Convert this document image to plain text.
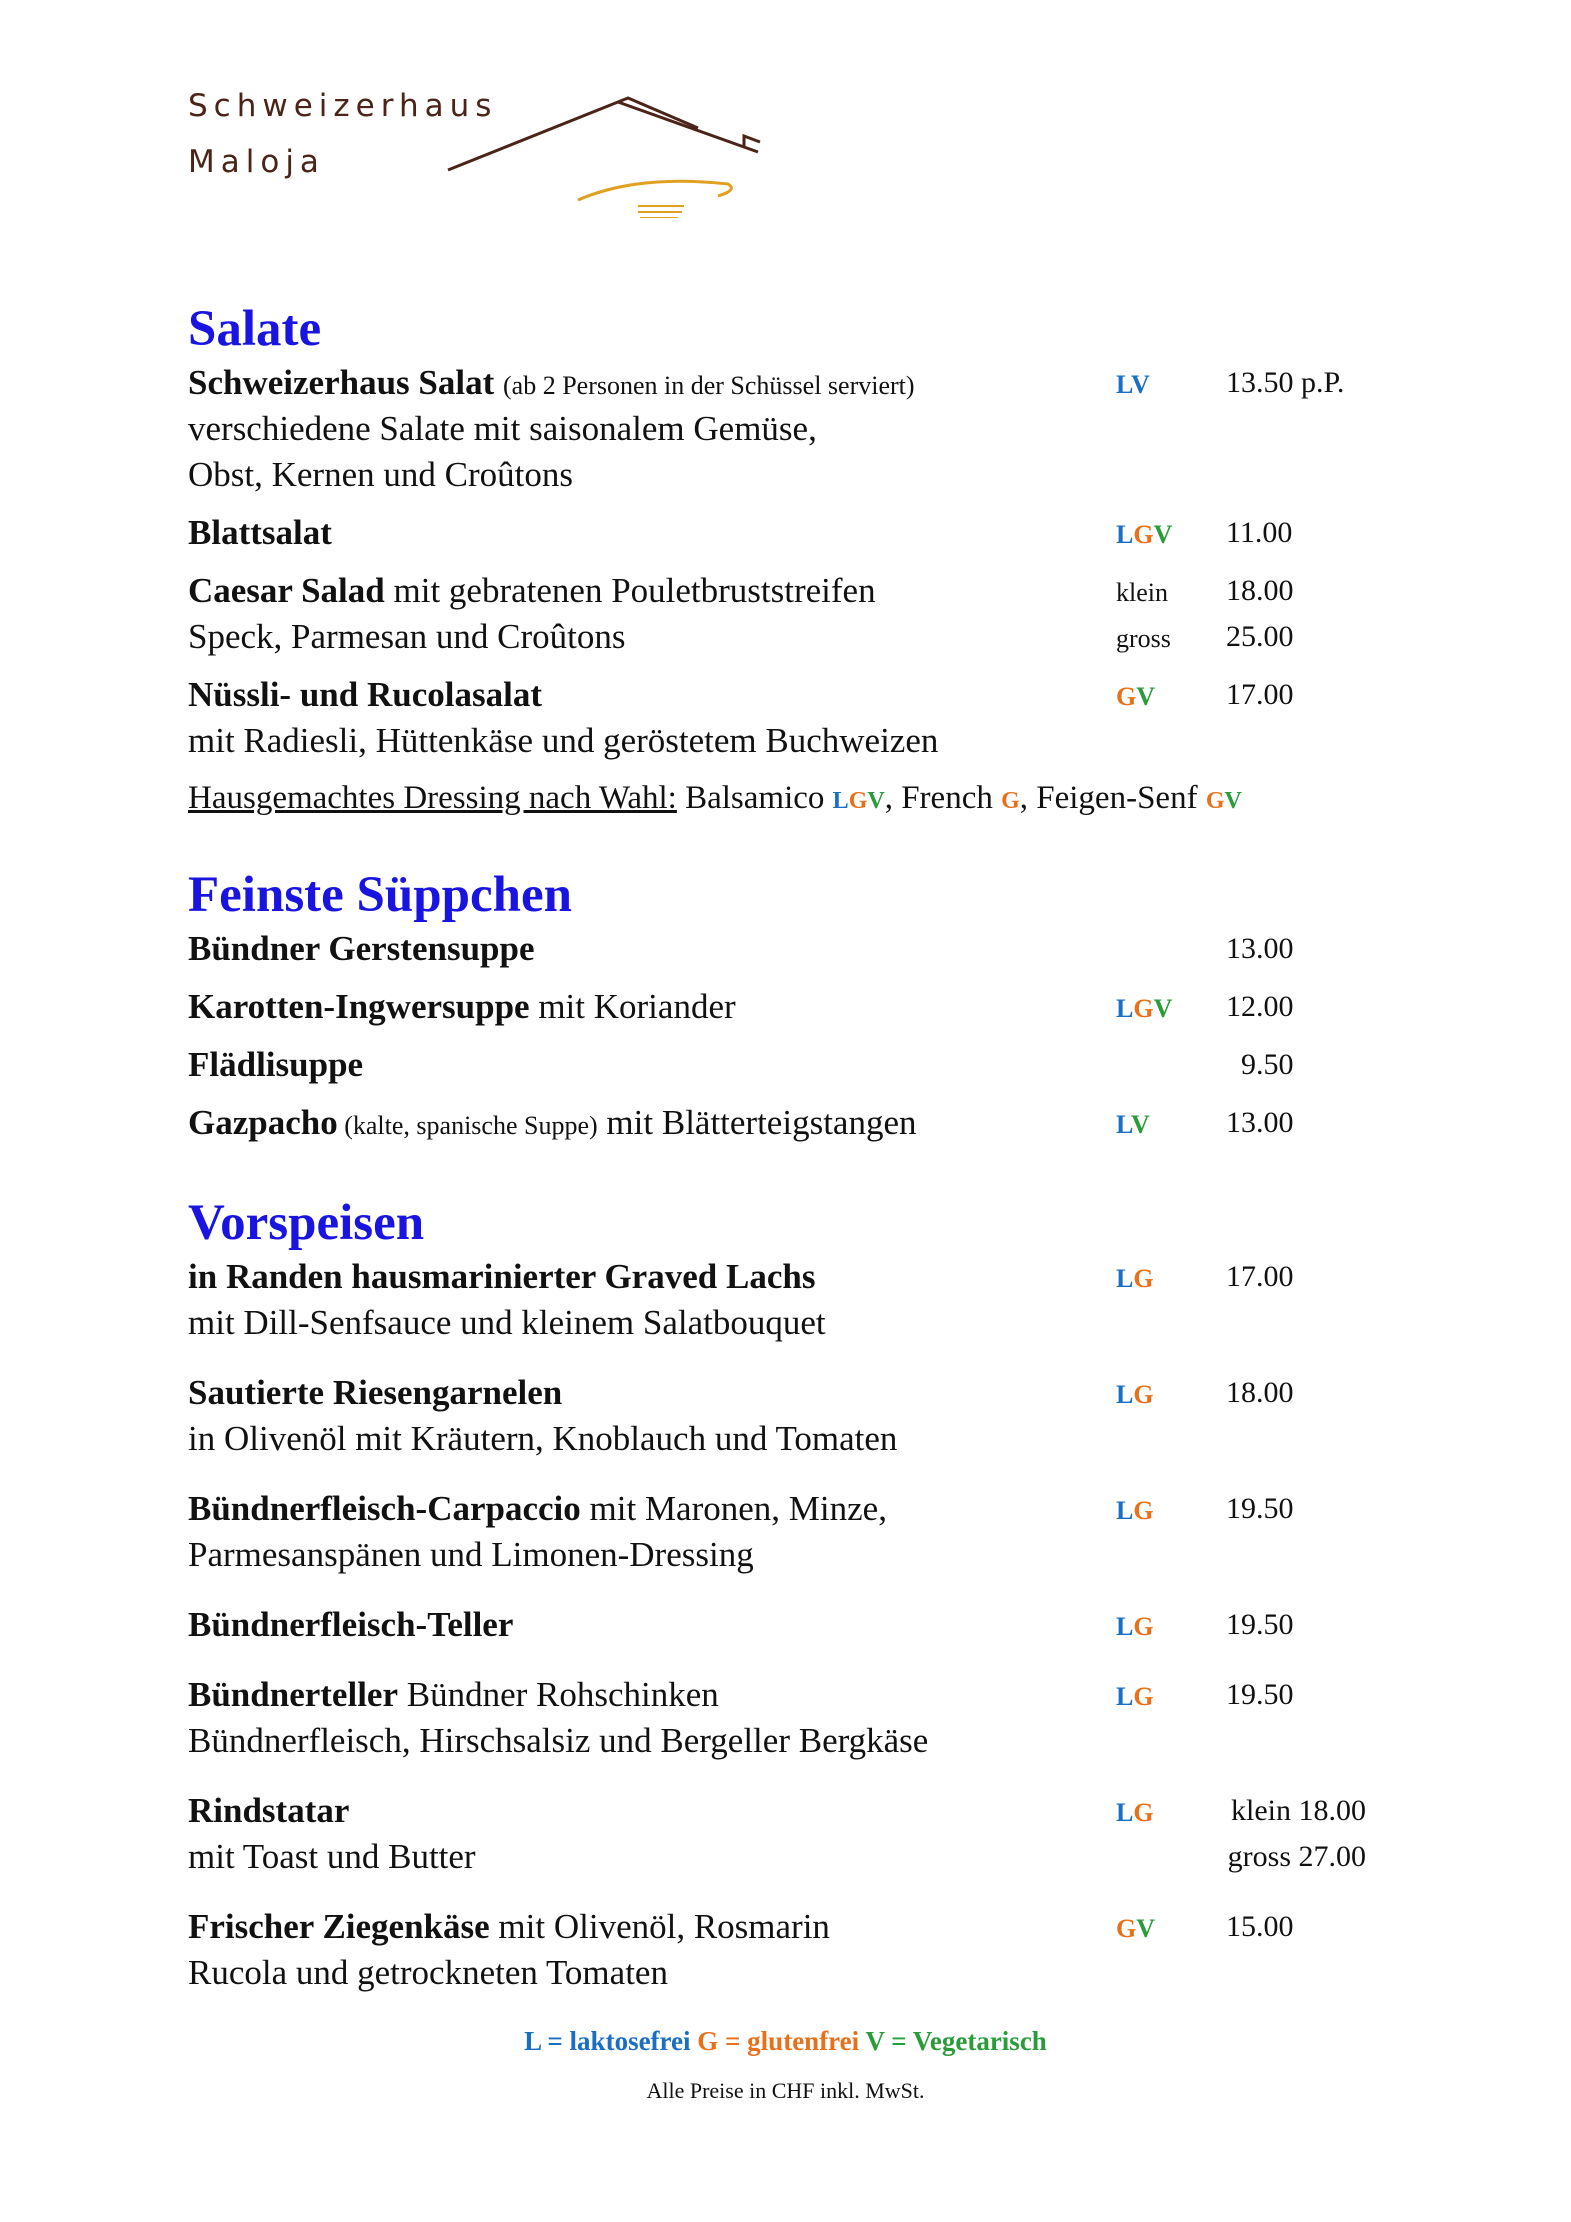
Schweizerhaus
Maloja
Salate
Schweizerhaus Salat (ab 2 Personen in der Schüssel serviert)	LV	13.50 p.P.
verschiedene Salate mit saisonalem Gemüse,
Obst, Kernen und Croûtons
Blattsalat	LGV 11.00
Caesar Salad mit gebratenen Pouletbruststreifen	klein 18.00
Speck, Parmesan und Croûtons	gross 25.00
Nüssli- und Rucolasalat	GV 17.00
mit Radiesli, Hüttenkäse und geröstetem Buchweizen
Hausgemachtes Dressing nach Wahl: Balsamico LGV, French G, Feigen-Senf GV
Feinste Süppchen
Bündner Gerstensuppe	13.00
Karotten-Ingwersuppe mit Koriander	LGV 12.00
Flädlisuppe	9.50
Gazpacho (kalte, spanische Suppe) mit Blätterteigstangen	LV	13.00
Vorspeisen
in Randen hausmarinierter Graved Lachs	LG 17.00
mit Dill-Senfsauce und kleinem Salatbouquet
Sautierte Riesengarnelen	LG 18.00
in Olivenöl mit Kräutern, Knoblauch und Tomaten
Bündnerfleisch-Carpaccio mit Maronen, Minze,	LG 19.50
Parmesanspänen und Limonen-Dressing
Bündnerfleisch-Teller	LG 19.50
Bündnerteller Bündner Rohschinken	LG 19.50
Bündnerfleisch, Hirschsalsiz und Bergeller Bergkäse
Rindstatar	LG	klein 18.00
mit Toast und Butter	gross 27.00
Frischer Ziegenkäse mit Olivenöl, Rosmarin	GV 15.00
Rucola und getrockneten Tomaten
L = laktosefrei G = glutenfrei V = Vegetarisch
Alle Preise in CHF inkl. MwSt.
